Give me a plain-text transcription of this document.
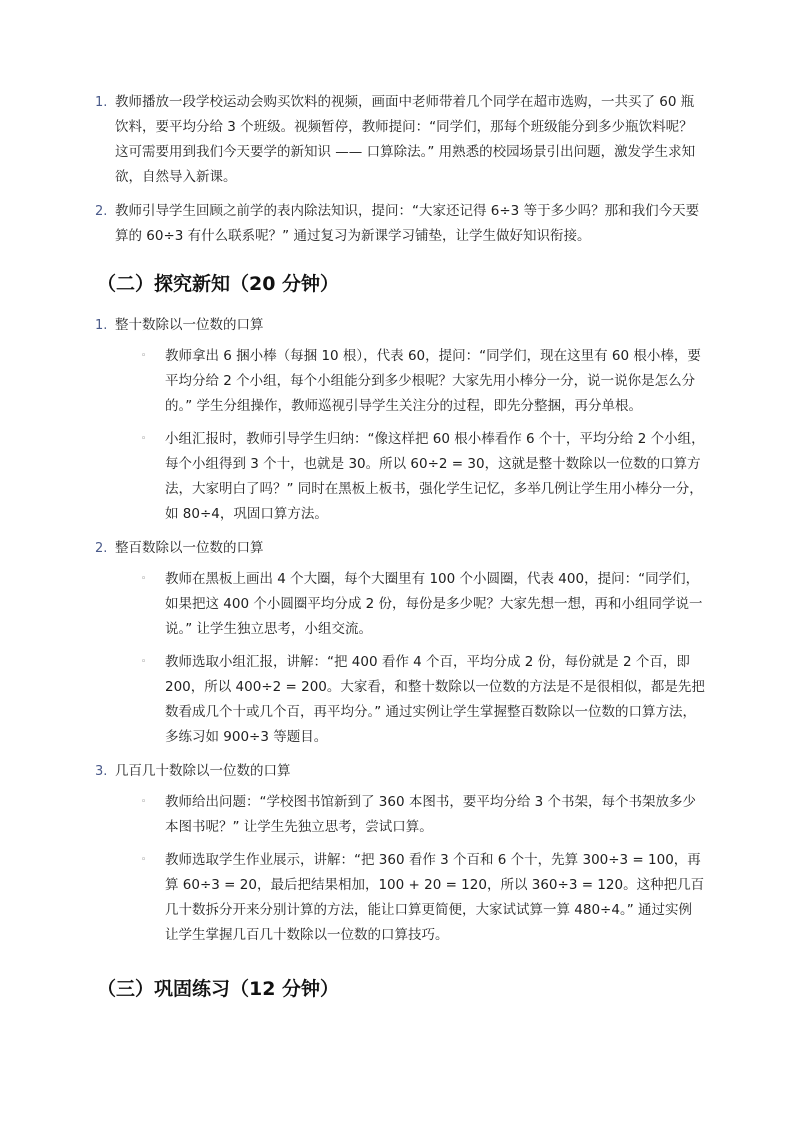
1. 教师播放一段学校运动会购买饮料的视频，画面中老师带着几个同学在超市选购，一共买了 60 瓶饮料，要平均分给 3 个班级。视频暂停，教师提问：“同学们，那每个班级能分到多少瓶饮料呢？这可需要用到我们今天要学的新知识 —— 口算除法。” 用熟悉的校园场景引出问题，激发学生求知欲，自然导入新课。
2. 教师引导学生回顾之前学的表内除法知识，提问：“大家还记得 6÷3 等于多少吗？那和我们今天要算的 60÷3 有什么联系呢？” 通过复习为新课学习铺垫，让学生做好知识衔接。
（二）探究新知（20 分钟）
1. 整十数除以一位数的口算
◦ 教师拿出 6 捆小棒（每捆 10 根），代表 60，提问：“同学们，现在这里有 60 根小棒，要平均分给 2 个小组，每个小组能分到多少根呢？大家先用小棒分一分，说一说你是怎么分的。” 学生分组操作，教师巡视引导学生关注分的过程，即先分整捆，再分单根。
◦ 小组汇报时，教师引导学生归纳：“像这样把 60 根小棒看作 6 个十，平均分给 2 个小组，每个小组得到 3 个十，也就是 30。所以 60÷2 = 30，这就是整十数除以一位数的口算方法，大家明白了吗？” 同时在黑板上板书，强化学生记忆，多举几例让学生用小棒分一分，如 80÷4，巩固口算方法。
2. 整百数除以一位数的口算
◦ 教师在黑板上画出 4 个大圈，每个大圈里有 100 个小圆圈，代表 400，提问：“同学们，如果把这 400 个小圆圈平均分成 2 份，每份是多少呢？大家先想一想，再和小组同学说一说。” 让学生独立思考，小组交流。
◦ 教师选取小组汇报，讲解：“把 400 看作 4 个百，平均分成 2 份，每份就是 2 个百，即 200，所以 400÷2 = 200。大家看，和整十数除以一位数的方法是不是很相似，都是先把数看成几个十或几个百，再平均分。” 通过实例让学生掌握整百数除以一位数的口算方法，多练习如 900÷3 等题目。
3. 几百几十数除以一位数的口算
◦ 教师给出问题：“学校图书馆新到了 360 本图书，要平均分给 3 个书架，每个书架放多少本图书呢？” 让学生先独立思考，尝试口算。
◦ 教师选取学生作业展示，讲解：“把 360 看作 3 个百和 6 个十，先算 300÷3 = 100，再算 60÷3 = 20，最后把结果相加，100 + 20 = 120，所以 360÷3 = 120。这种把几百几十数拆分开来分别计算的方法，能让口算更简便，大家试试算一算 480÷4。” 通过实例让学生掌握几百几十数除以一位数的口算技巧。
（三）巩固练习（12 分钟）
